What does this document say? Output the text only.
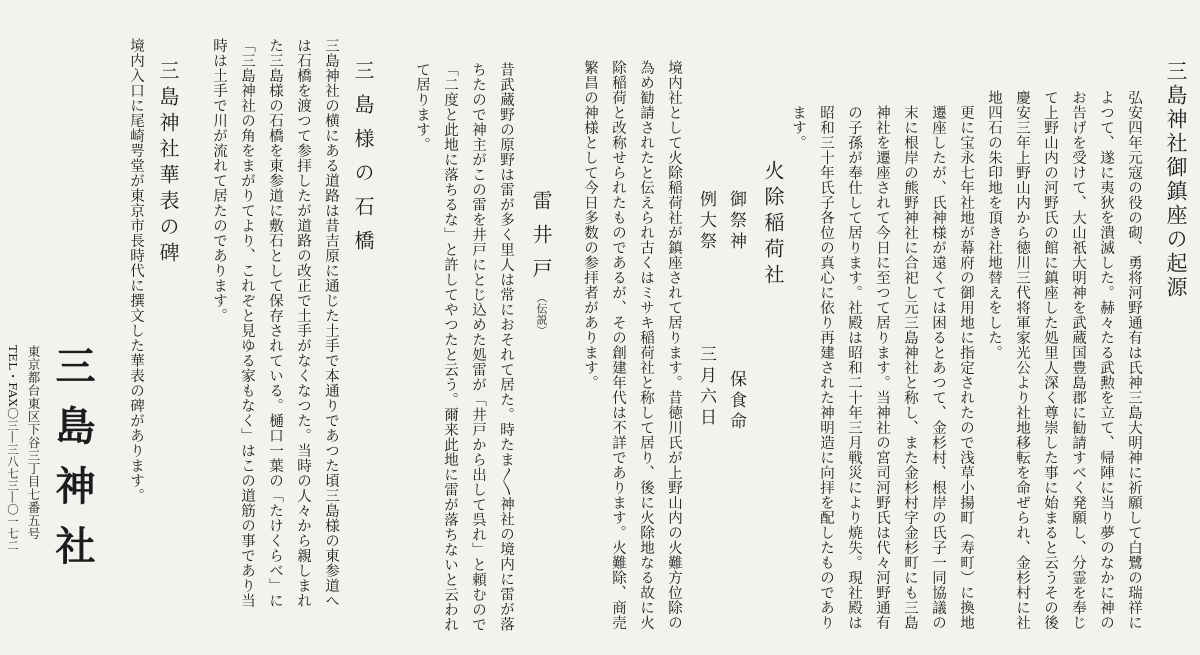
三島神社御鎮座の起源

弘安四年元寇の役の砌、勇将河野通有は氏神三島大明神に祈願して白鷺の瑞祥によつて、遂に夷狄を潰滅した。赫々たる武勲を立て、帰陣に当り夢のなかに神のお告げを受けて、大山祇大明神を武蔵国豊島郡に勧請すべく発願し、分霊を奉じて上野山内の河野氏の館に鎮座した処里人深く尊崇した事に始まると云うその後慶安三年上野山内から徳川三代将軍家光公より社地移転を命ぜられ、金杉村に社地四石の朱印地を頂き社地替えをした。

更に宝永七年社地が幕府の御用地に指定されたので浅草小揚町（寿町）に換地遷座したが、氏神様が遠くては困るとあつて、金杉村、根岸の氏子一同協議の末に根岸の熊野神社に合祀し元三島神社と称し、また金杉村字金杉町にも三島神社を遷座されて今日に至つて居ります。当神社の宮司河野氏は代々河野通有の子孫が奉仕して居ります。社殿は昭和二十年三月戦災により焼失。現社殿は昭和三十年氏子各位の真心に依り再建された神明造に向拝を配したものであります。

火除稲荷社
御祭神
保食命
例大祭
三月六日
境内社として火除稲荷社が鎮座されて居ります。昔徳川氏が上野山内の火難方位除の為め勧請されたと伝えられ古くはミサキ稲荷社と称して居り、後に火除地なる故に火除稲荷と改称せられたものであるが、その創建年代は不詳であります。火難除、商売繁昌の神様として今日多数の参拝者があります。
雷井戸（伝説）
昔武蔵野の原野は雷が多く里人は常におそれて居た。時たま〳〵神社の境内に雷が落ちたので神主がこの雷を井戸にとじ込めた処雷が「井戸から出して呉れ」と頼むので「二度と此地に落ちるな」と許してやつたと云う。爾来此地に雷が落ちないと云われて居ります。
三島様の石橋
三島神社の横にある道路は昔吉原に通じた土手で本通りであつた頃三島様の東参道へは石橋を渡つて参拝したが道路の改正で土手がなくなつた。当時の人々から親しまれた三島様の石橋を東参道に敷石として保存されている。樋口一葉の「たけくらべ」に「三島神社の角をまがりてより、これぞと見ゆる家もなく」はこの道筋の事であり当時は土手で川が流れて居たのであります。
三島神社華表の碑
境内入口に尾崎咢堂が東京市長時代に撰文した華表の碑があります。
三島神社
東京都台東区下谷三丁目七番五号
TEL・FAX〇三―三八七三―〇一七二
